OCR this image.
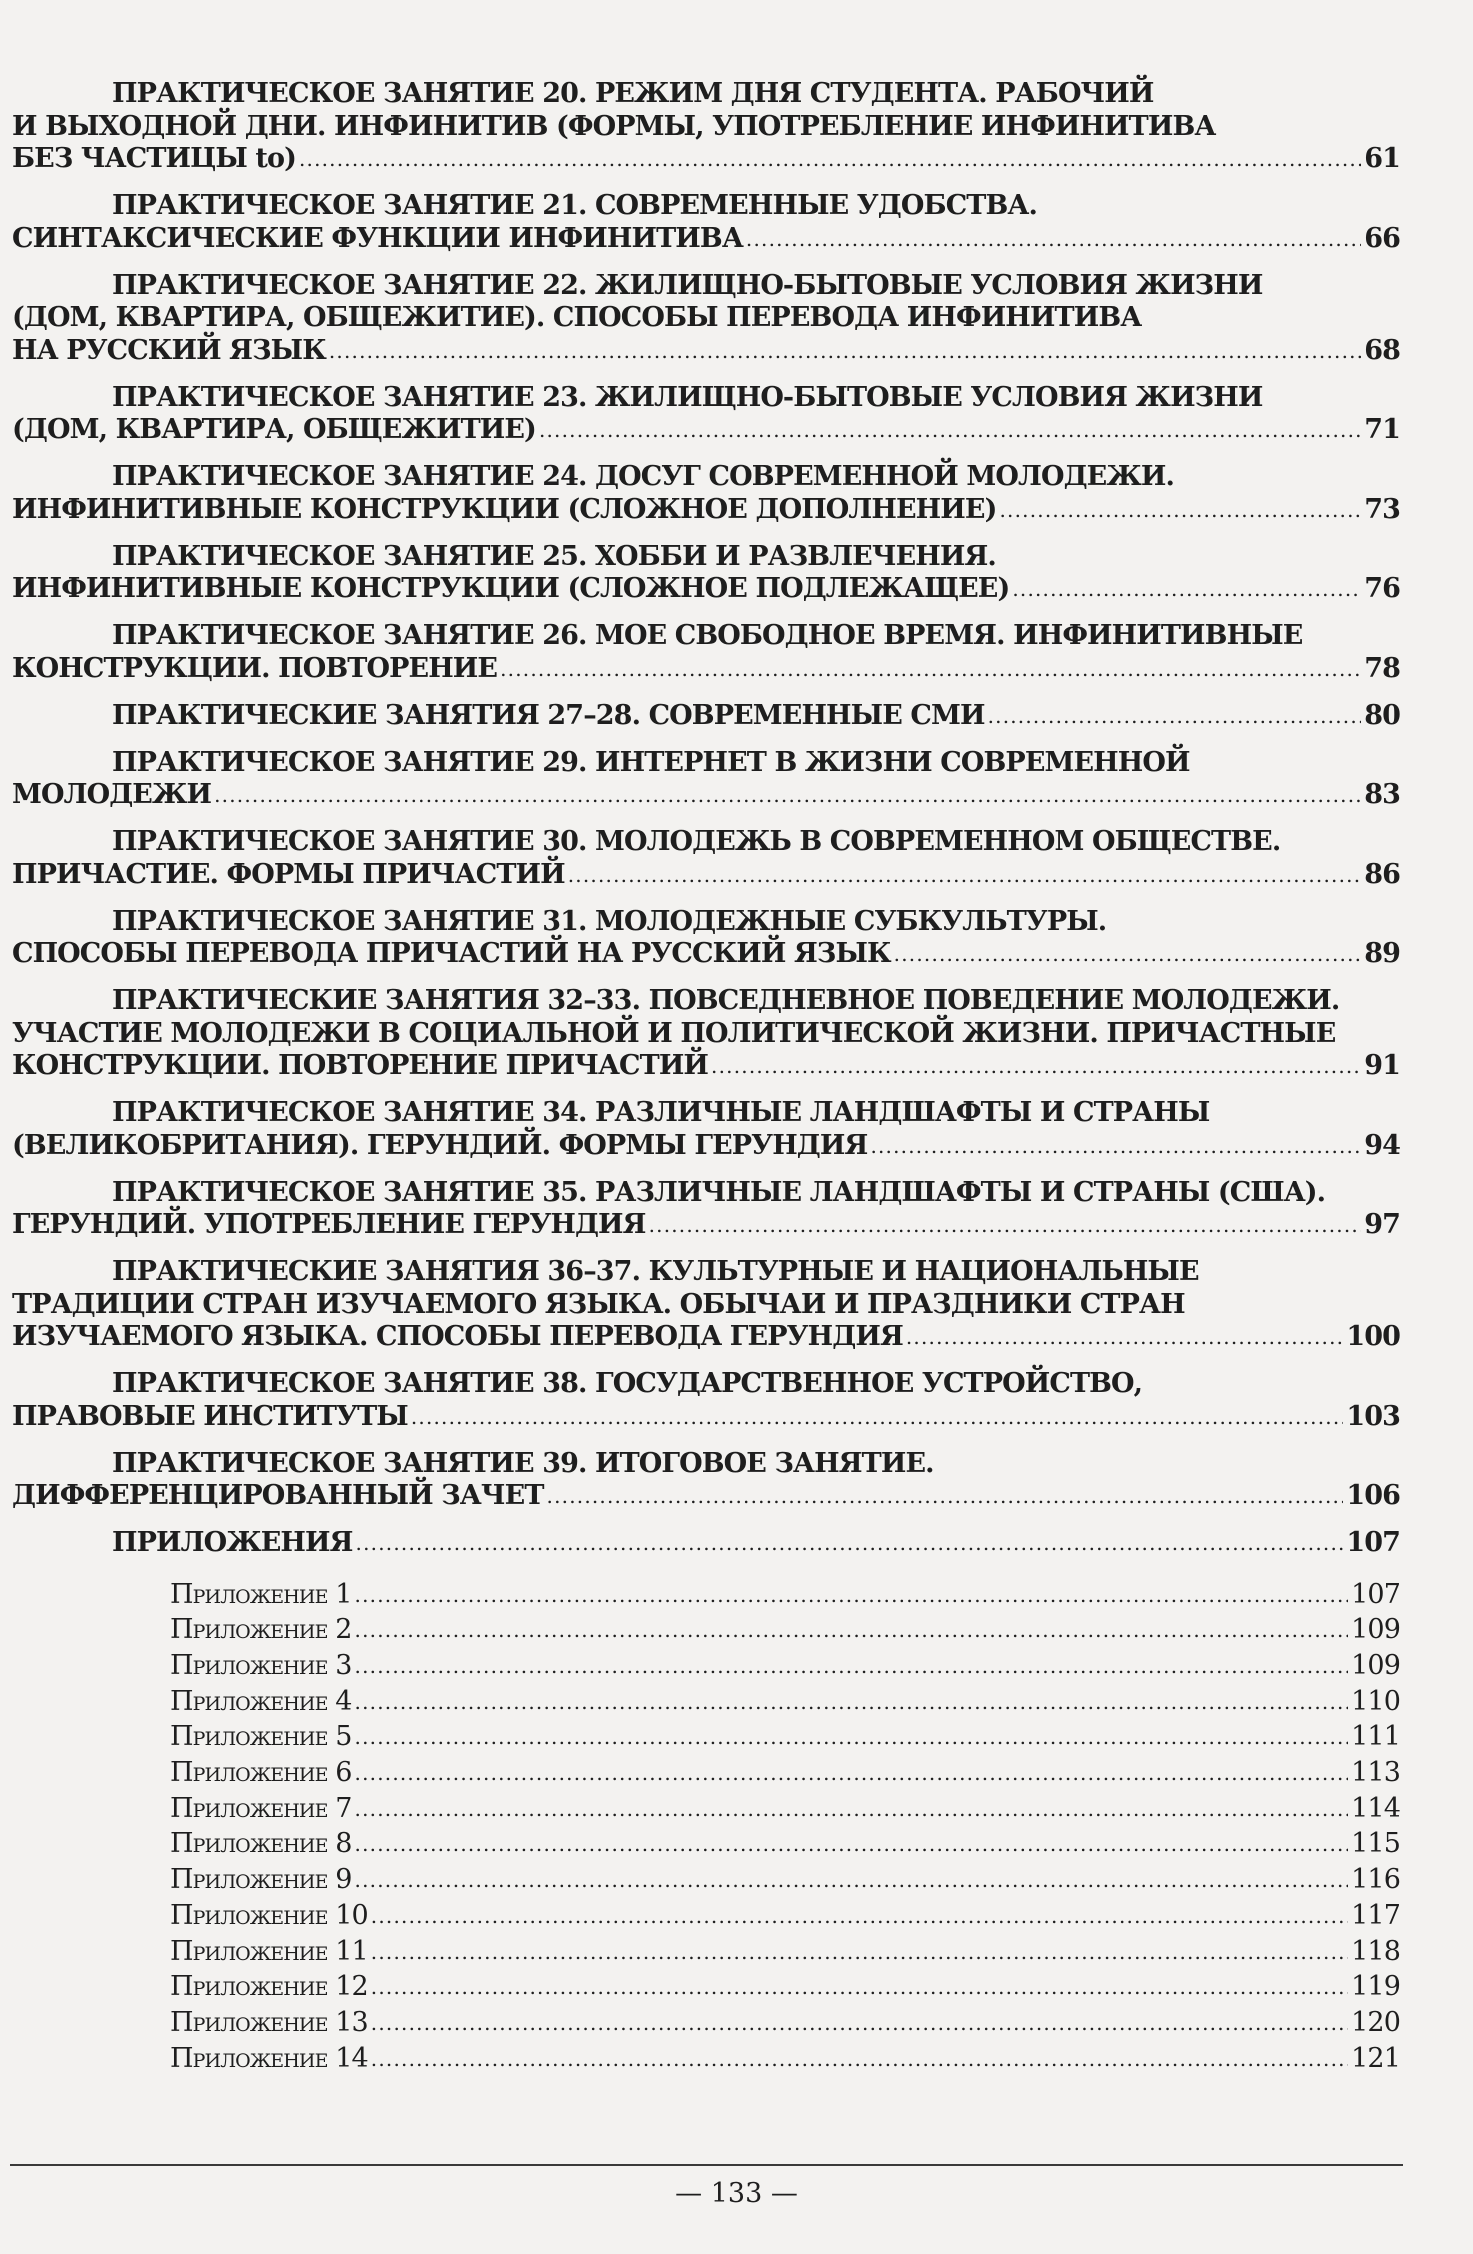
ПРАКТИЧЕСКОЕ ЗАНЯТИЕ 20. РЕЖИМ ДНЯ СТУДЕНТА. РАБОЧИЙ
И ВЫХОДНОЙ ДНИ. ИНФИНИТИВ (ФОРМЫ, УПОТРЕБЛЕНИЕ ИНФИНИТИВА
БЕЗ ЧАСТИЦЫ to) .....	61
ПРАКТИЧЕСКОЕ ЗАНЯТИЕ 21. СОВРЕМЕННЫЕ УДОБСТВА.
СИНТАКСИЧЕСКИЕ ФУНКЦИИ ИНФИНИТИВА .....	66
ПРАКТИЧЕСКОЕ ЗАНЯТИЕ 22. ЖИЛИЩНО-БЫТОВЫЕ УСЛОВИЯ ЖИЗНИ
(ДОМ, КВАРТИРА, ОБЩЕЖИТИЕ). СПОСОБЫ ПЕРЕВОДА ИНФИНИТИВА
НА РУССКИЙ ЯЗЫК .....	68
ПРАКТИЧЕСКОЕ ЗАНЯТИЕ 23. ЖИЛИЩНО-БЫТОВЫЕ УСЛОВИЯ ЖИЗНИ
(ДОМ, КВАРТИРА, ОБЩЕЖИТИЕ) .....	71
ПРАКТИЧЕСКОЕ ЗАНЯТИЕ 24. ДОСУГ СОВРЕМЕННОЙ МОЛОДЕЖИ.
ИНФИНИТИВНЫЕ КОНСТРУКЦИИ (СЛОЖНОЕ ДОПОЛНЕНИЕ) .....	73
ПРАКТИЧЕСКОЕ ЗАНЯТИЕ 25. ХОББИ И РАЗВЛЕЧЕНИЯ.
ИНФИНИТИВНЫЕ КОНСТРУКЦИИ (СЛОЖНОЕ ПОДЛЕЖАЩЕЕ) .....	76
ПРАКТИЧЕСКОЕ ЗАНЯТИЕ 26. МОЕ СВОБОДНОЕ ВРЕМЯ. ИНФИНИТИВНЫЕ
КОНСТРУКЦИИ. ПОВТОРЕНИЕ .....	78
ПРАКТИЧЕСКИЕ ЗАНЯТИЯ 27–28. СОВРЕМЕННЫЕ СМИ .....	80
ПРАКТИЧЕСКОЕ ЗАНЯТИЕ 29. ИНТЕРНЕТ В ЖИЗНИ СОВРЕМЕННОЙ
МОЛОДЕЖИ .....	83
ПРАКТИЧЕСКОЕ ЗАНЯТИЕ 30. МОЛОДЕЖЬ В СОВРЕМЕННОМ ОБЩЕСТВЕ.
ПРИЧАСТИЕ. ФОРМЫ ПРИЧАСТИЙ .....	86
ПРАКТИЧЕСКОЕ ЗАНЯТИЕ 31. МОЛОДЕЖНЫЕ СУБКУЛЬТУРЫ.
СПОСОБЫ ПЕРЕВОДА ПРИЧАСТИЙ НА РУССКИЙ ЯЗЫК .....	89
ПРАКТИЧЕСКИЕ ЗАНЯТИЯ 32–33. ПОВСЕДНЕВНОЕ ПОВЕДЕНИЕ МОЛОДЕЖИ.
УЧАСТИЕ МОЛОДЕЖИ В СОЦИАЛЬНОЙ И ПОЛИТИЧЕСКОЙ ЖИЗНИ. ПРИЧАСТНЫЕ
КОНСТРУКЦИИ. ПОВТОРЕНИЕ ПРИЧАСТИЙ .....	91
ПРАКТИЧЕСКОЕ ЗАНЯТИЕ 34. РАЗЛИЧНЫЕ ЛАНДШАФТЫ И СТРАНЫ
(ВЕЛИКОБРИТАНИЯ). ГЕРУНДИЙ. ФОРМЫ ГЕРУНДИЯ .....	94
ПРАКТИЧЕСКОЕ ЗАНЯТИЕ 35. РАЗЛИЧНЫЕ ЛАНДШАФТЫ И СТРАНЫ (США).
ГЕРУНДИЙ. УПОТРЕБЛЕНИЕ ГЕРУНДИЯ .....	97
ПРАКТИЧЕСКИЕ ЗАНЯТИЯ 36–37. КУЛЬТУРНЫЕ И НАЦИОНАЛЬНЫЕ
ТРАДИЦИИ СТРАН ИЗУЧАЕМОГО ЯЗЫКА. ОБЫЧАИ И ПРАЗДНИКИ СТРАН
ИЗУЧАЕМОГО ЯЗЫКА. СПОСОБЫ ПЕРЕВОДА ГЕРУНДИЯ .....	100
ПРАКТИЧЕСКОЕ ЗАНЯТИЕ 38. ГОСУДАРСТВЕННОЕ УСТРОЙСТВО,
ПРАВОВЫЕ ИНСТИТУТЫ .....	103
ПРАКТИЧЕСКОЕ ЗАНЯТИЕ 39. ИТОГОВОЕ ЗАНЯТИЕ.
ДИФФЕРЕНЦИРОВАННЫЙ ЗАЧЕТ .....	106
ПРИЛОЖЕНИЯ .....	107
Приложение 1 .....	107
Приложение 2 .....	109
Приложение 3 .....	109
Приложение 4 .....	110
Приложение 5 .....	111
Приложение 6 .....	113
Приложение 7 .....	114
Приложение 8 .....	115
Приложение 9 .....	116
Приложение 10 .....	117
Приложение 11 .....	118
Приложение 12 .....	119
Приложение 13 .....	120
Приложение 14 .....	121
— 133 —
